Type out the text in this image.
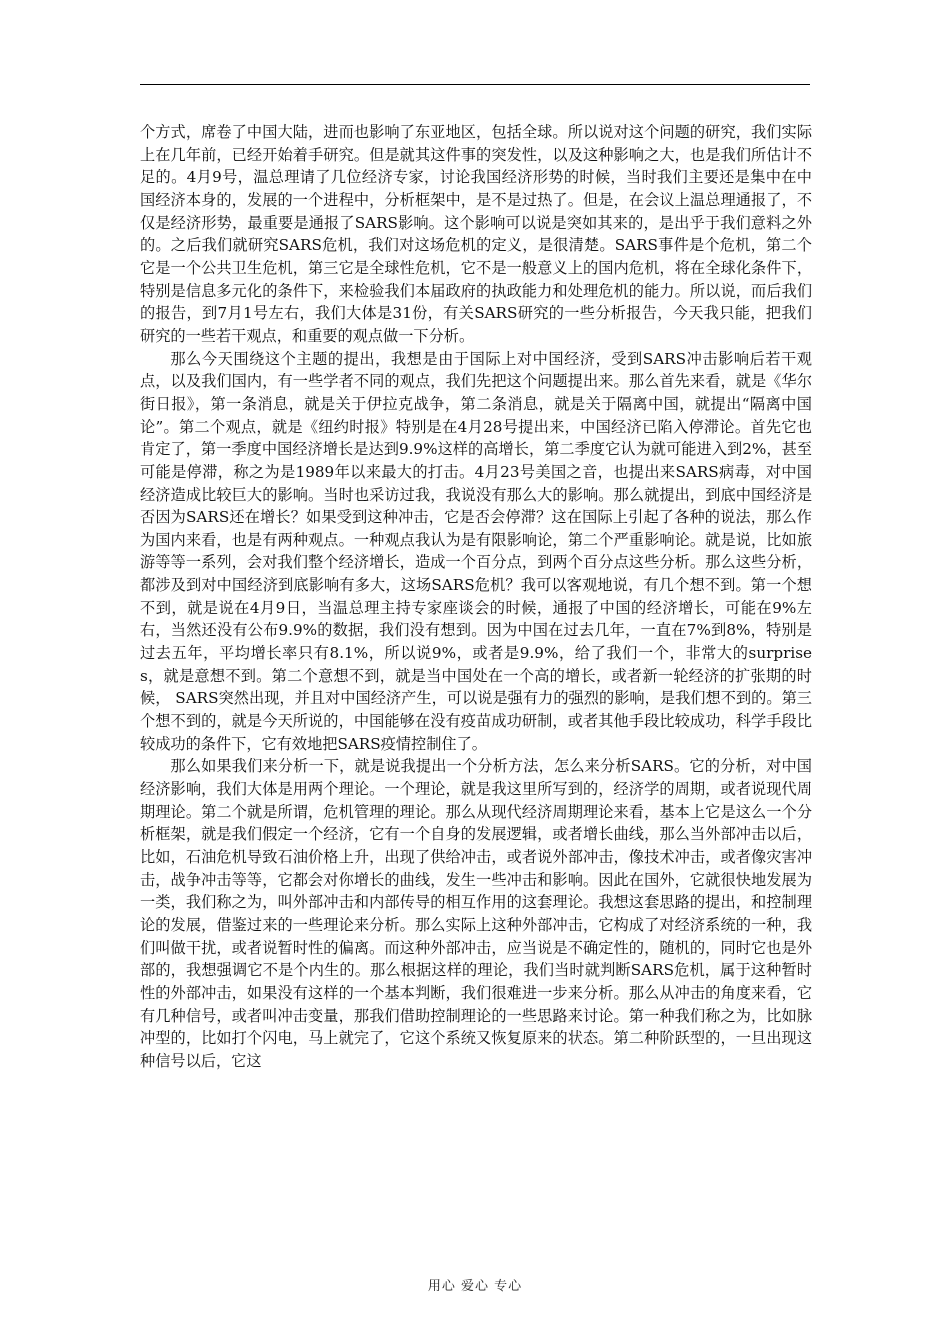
个方式，席卷了中国大陆，进而也影响了东亚地区，包括全球。所以说对这个问题的研究，我们实际上在几年前，已经开始着手研究。但是就其这件事的突发性，以及这种影响之大，也是我们所估计不足的。4月9号，温总理请了几位经济专家，讨论我国经济形势的时候，当时我们主要还是集中在中国经济本身的，发展的一个进程中，分析框架中，是不是过热了。但是，在会议上温总理通报了，不仅是经济形势，最重要是通报了SARS影响。这个影响可以说是突如其来的，是出乎于我们意料之外的。之后我们就研究SARS危机，我们对这场危机的定义，是很清楚。SARS事件是个危机，第二个它是一个公共卫生危机，第三它是全球性危机，它不是一般意义上的国内危机，将在全球化条件下，特别是信息多元化的条件下，来检验我们本届政府的执政能力和处理危机的能力。所以说，而后我们的报告，到7月1号左右，我们大体是31份，有关SARS研究的一些分析报告，今天我只能，把我们研究的一些若干观点，和重要的观点做一下分析。

那么今天围绕这个主题的提出，我想是由于国际上对中国经济，受到SARS冲击影响后若干观点，以及我们国内，有一些学者不同的观点，我们先把这个问题提出来。那么首先来看，就是《华尔街日报》，第一条消息，就是关于伊拉克战争，第二条消息，就是关于隔离中国，就提出“隔离中国论”。第二个观点，就是《纽约时报》特别是在4月28号提出来，中国经济已陷入停滞论。首先它也肯定了，第一季度中国经济增长是达到9.9%这样的高增长，第二季度它认为就可能进入到2%，甚至可能是停滞，称之为是1989年以来最大的打击。4月23号美国之音，也提出来SARS病毒，对中国经济造成比较巨大的影响。当时也采访过我，我说没有那么大的影响。那么就提出，到底中国经济是否因为SARS还在增长？如果受到这种冲击，它是否会停滞？这在国际上引起了各种的说法，那么作为国内来看，也是有两种观点。一种观点我认为是有限影响论，第二个严重影响论。就是说，比如旅游等等一系列，会对我们整个经济增长，造成一个百分点，到两个百分点这些分析。那么这些分析，都涉及到对中国经济到底影响有多大，这场SARS危机？我可以客观地说，有几个想不到。第一个想不到，就是说在4月9日，当温总理主持专家座谈会的时候，通报了中国的经济增长，可能在9%左右，当然还没有公布9.9%的数据，我们没有想到。因为中国在过去几年，一直在7%到8%，特别是过去五年，平均增长率只有8.1%，所以说9%，或者是9.9%，给了我们一个，非常大的surprises，就是意想不到。第二个意想不到，就是当中国处在一个高的增长，或者新一轮经济的扩张期的时候， SARS突然出现，并且对中国经济产生，可以说是强有力的强烈的影响，是我们想不到的。第三个想不到的，就是今天所说的，中国能够在没有疫苗成功研制，或者其他手段比较成功，科学手段比较成功的条件下，它有效地把SARS疫情控制住了。

那么如果我们来分析一下，就是说我提出一个分析方法，怎么来分析SARS。它的分析，对中国经济影响，我们大体是用两个理论。一个理论，就是我这里所写到的，经济学的周期，或者说现代周期理论。第二个就是所谓，危机管理的理论。那么从现代经济周期理论来看，基本上它是这么一个分析框架，就是我们假定一个经济，它有一个自身的发展逻辑，或者增长曲线，那么当外部冲击以后，比如，石油危机导致石油价格上升，出现了供给冲击，或者说外部冲击，像技术冲击，或者像灾害冲击，战争冲击等等，它都会对你增长的曲线，发生一些冲击和影响。因此在国外，它就很快地发展为一类，我们称之为，叫外部冲击和内部传导的相互作用的这套理论。我想这套思路的提出，和控制理论的发展，借鉴过来的一些理论来分析。那么实际上这种外部冲击，它构成了对经济系统的一种，我们叫做干扰，或者说暂时性的偏离。而这种外部冲击，应当说是不确定性的，随机的，同时它也是外部的，我想强调它不是个内生的。那么根据这样的理论，我们当时就判断SARS危机，属于这种暂时性的外部冲击，如果没有这样的一个基本判断，我们很难进一步来分析。那么从冲击的角度来看，它有几种信号，或者叫冲击变量，那我们借助控制理论的一些思路来讨论。第一种我们称之为，比如脉冲型的，比如打个闪电，马上就完了，它这个系统又恢复原来的状态。第二种阶跃型的，一旦出现这种信号以后，它这

用心 爱心 专心
